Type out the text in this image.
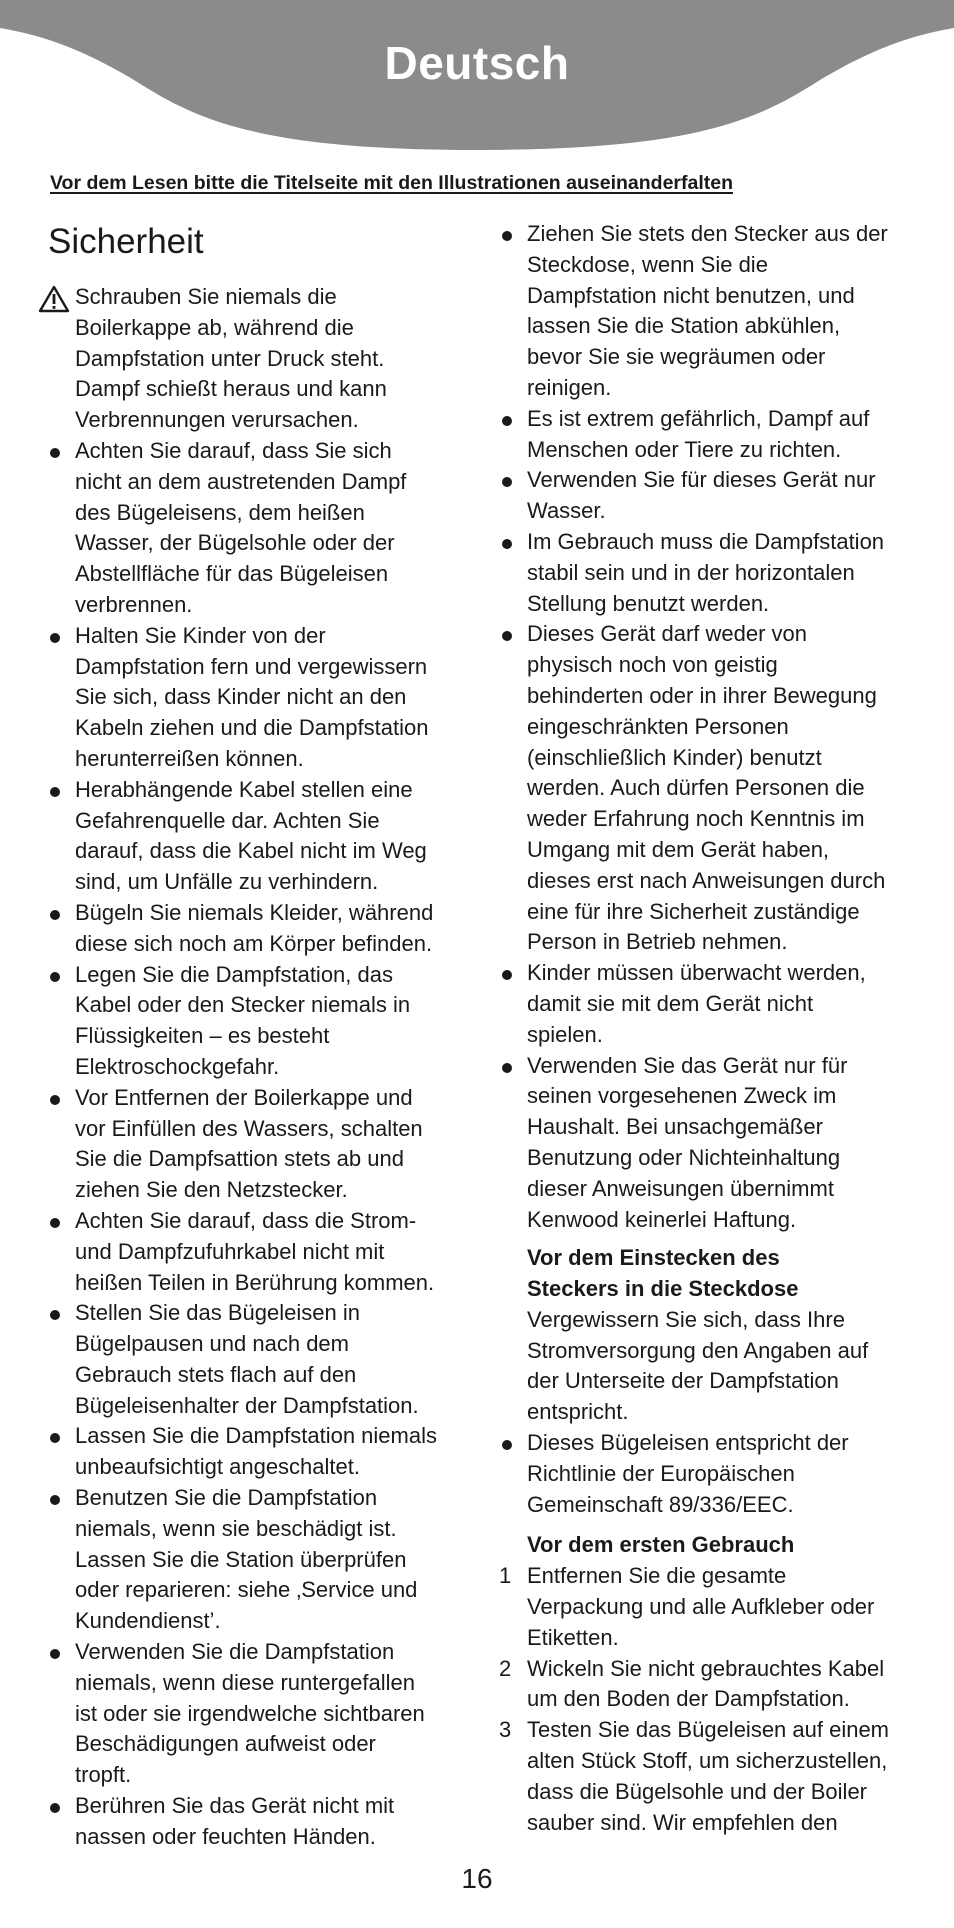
Deutsch
Vor dem Lesen bitte die Titelseite mit den Illustrationen auseinanderfalten
Sicherheit
Schrauben Sie niemals die
Boilerkappe ab, während die
Dampfstation unter Druck steht.
Dampf schießt heraus und kann
Verbrennungen verursachen.
Achten Sie darauf, dass Sie sich
nicht an dem austretenden Dampf
des Bügeleisens, dem heißen
Wasser, der Bügelsohle oder der
Abstellfläche für das Bügeleisen
verbrennen.
Halten Sie Kinder von der
Dampfstation fern und vergewissern
Sie sich, dass Kinder nicht an den
Kabeln ziehen und die Dampfstation
herunterreißen können.
Herabhängende Kabel stellen eine
Gefahrenquelle dar. Achten Sie
darauf, dass die Kabel nicht im Weg
sind, um Unfälle zu verhindern.
Bügeln Sie niemals Kleider, während
diese sich noch am Körper befinden.
Legen Sie die Dampfstation, das
Kabel oder den Stecker niemals in
Flüssigkeiten – es besteht
Elektroschockgefahr.
Vor Entfernen der Boilerkappe und
vor Einfüllen des Wassers, schalten
Sie die Dampfsattion stets ab und
ziehen Sie den Netzstecker.
Achten Sie darauf, dass die Strom-
und Dampfzufuhrkabel nicht mit
heißen Teilen in Berührung kommen.
Stellen Sie das Bügeleisen in
Bügelpausen und nach dem
Gebrauch stets flach auf den
Bügeleisenhalter der Dampfstation.
Lassen Sie die Dampfstation niemals
unbeaufsichtigt angeschaltet.
Benutzen Sie die Dampfstation
niemals, wenn sie beschädigt ist.
Lassen Sie die Station überprüfen
oder reparieren: siehe ‚Service und
Kundendienst’.
Verwenden Sie die Dampfstation
niemals, wenn diese runtergefallen
ist oder sie irgendwelche sichtbaren
Beschädigungen aufweist oder
tropft.
Berühren Sie das Gerät nicht mit
nassen oder feuchten Händen.
Ziehen Sie stets den Stecker aus der
Steckdose, wenn Sie die
Dampfstation nicht benutzen, und
lassen Sie die Station abkühlen,
bevor Sie sie wegräumen oder
reinigen.
Es ist extrem gefährlich, Dampf auf
Menschen oder Tiere zu richten.
Verwenden Sie für dieses Gerät nur
Wasser.
Im Gebrauch muss die Dampfstation
stabil sein und in der horizontalen
Stellung benutzt werden.
Dieses Gerät darf weder von
physisch noch von geistig
behinderten oder in ihrer Bewegung
eingeschränkten Personen
(einschließlich Kinder) benutzt
werden. Auch dürfen Personen die
weder Erfahrung noch Kenntnis im
Umgang mit dem Gerät haben,
dieses erst nach Anweisungen durch
eine für ihre Sicherheit zuständige
Person in Betrieb nehmen.
Kinder müssen überwacht werden,
damit sie mit dem Gerät nicht
spielen.
Verwenden Sie das Gerät nur für
seinen vorgesehenen Zweck im
Haushalt. Bei unsachgemäßer
Benutzung oder Nichteinhaltung
dieser Anweisungen übernimmt
Kenwood keinerlei Haftung.
Vor dem Einstecken des
Steckers in die Steckdose
Vergewissern Sie sich, dass Ihre
Stromversorgung den Angaben auf
der Unterseite der Dampfstation
entspricht.
Dieses Bügeleisen entspricht der
Richtlinie der Europäischen
Gemeinschaft 89/336/EEC.
Vor dem ersten Gebrauch
1 Entfernen Sie die gesamte
Verpackung und alle Aufkleber oder
Etiketten.
2 Wickeln Sie nicht gebrauchtes Kabel
um den Boden der Dampfstation.
3 Testen Sie das Bügeleisen auf einem
alten Stück Stoff, um sicherzustellen,
dass die Bügelsohle und der Boiler
sauber sind. Wir empfehlen den
16
